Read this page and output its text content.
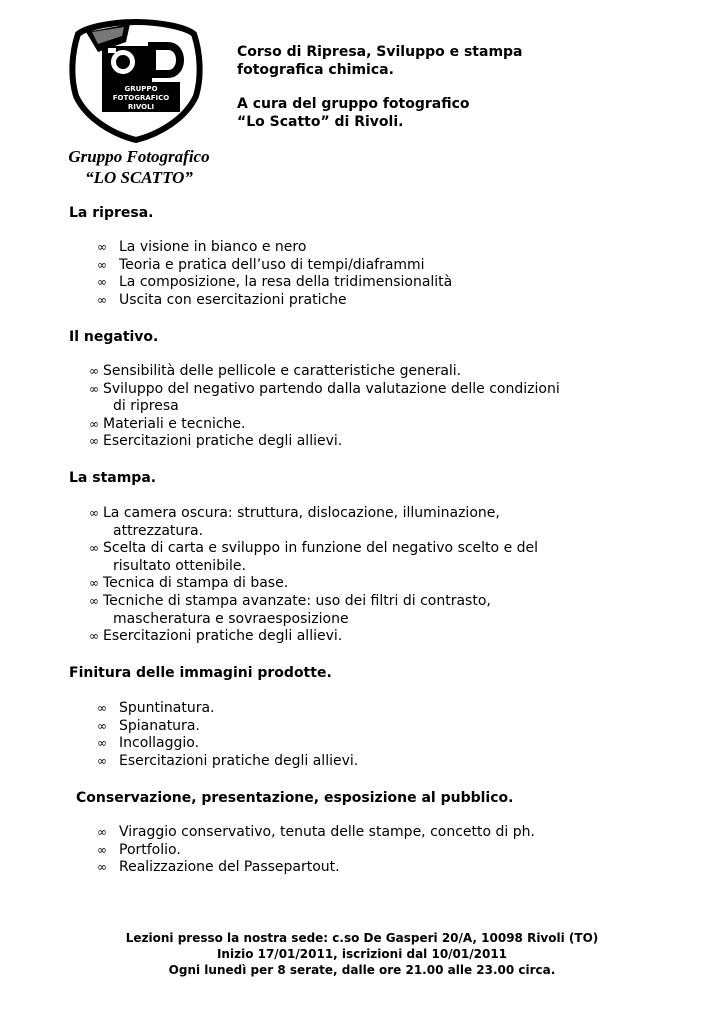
GRUPPO
FOTOGRAFICO
RIVOLI
Gruppo Fotografico
“LO SCATTO”

Corso di Ripresa, Sviluppo e stampa
fotografica chimica.

A cura del gruppo fotografico
“Lo Scatto” di Rivoli.

La ripresa.
∞ La visione in bianco e nero
∞ Teoria e pratica dell’uso di tempi/diaframmi
∞ La composizione, la resa della tridimensionalità
∞ Uscita con esercitazioni pratiche
Il negativo.
∞ Sensibilità delle pellicole e caratteristiche generali.
∞ Sviluppo del negativo partendo dalla valutazione delle condizioni
di ripresa
∞ Materiali e tecniche.
∞ Esercitazioni pratiche degli allievi.
La stampa.
∞ La camera oscura: struttura, dislocazione, illuminazione,
attrezzatura.
∞ Scelta di carta e sviluppo in funzione del negativo scelto e del
risultato ottenibile.
∞ Tecnica di stampa di base.
∞ Tecniche di stampa avanzate: uso dei filtri di contrasto,
mascheratura e sovraesposizione
∞ Esercitazioni pratiche degli allievi.
Finitura delle immagini prodotte.
∞ Spuntinatura.
∞ Spianatura.
∞ Incollaggio.
∞ Esercitazioni pratiche degli allievi.
Conservazione, presentazione, esposizione al pubblico.
∞ Viraggio conservativo, tenuta delle stampe, concetto di ph.
∞ Portfolio.
∞ Realizzazione del Passepartout.
Lezioni presso la nostra sede: c.so De Gasperi 20/A, 10098 Rivoli (TO)
Inizio 17/01/2011, iscrizioni dal 10/01/2011
Ogni lunedì per 8 serate, dalle ore 21.00 alle 23.00 circa.
